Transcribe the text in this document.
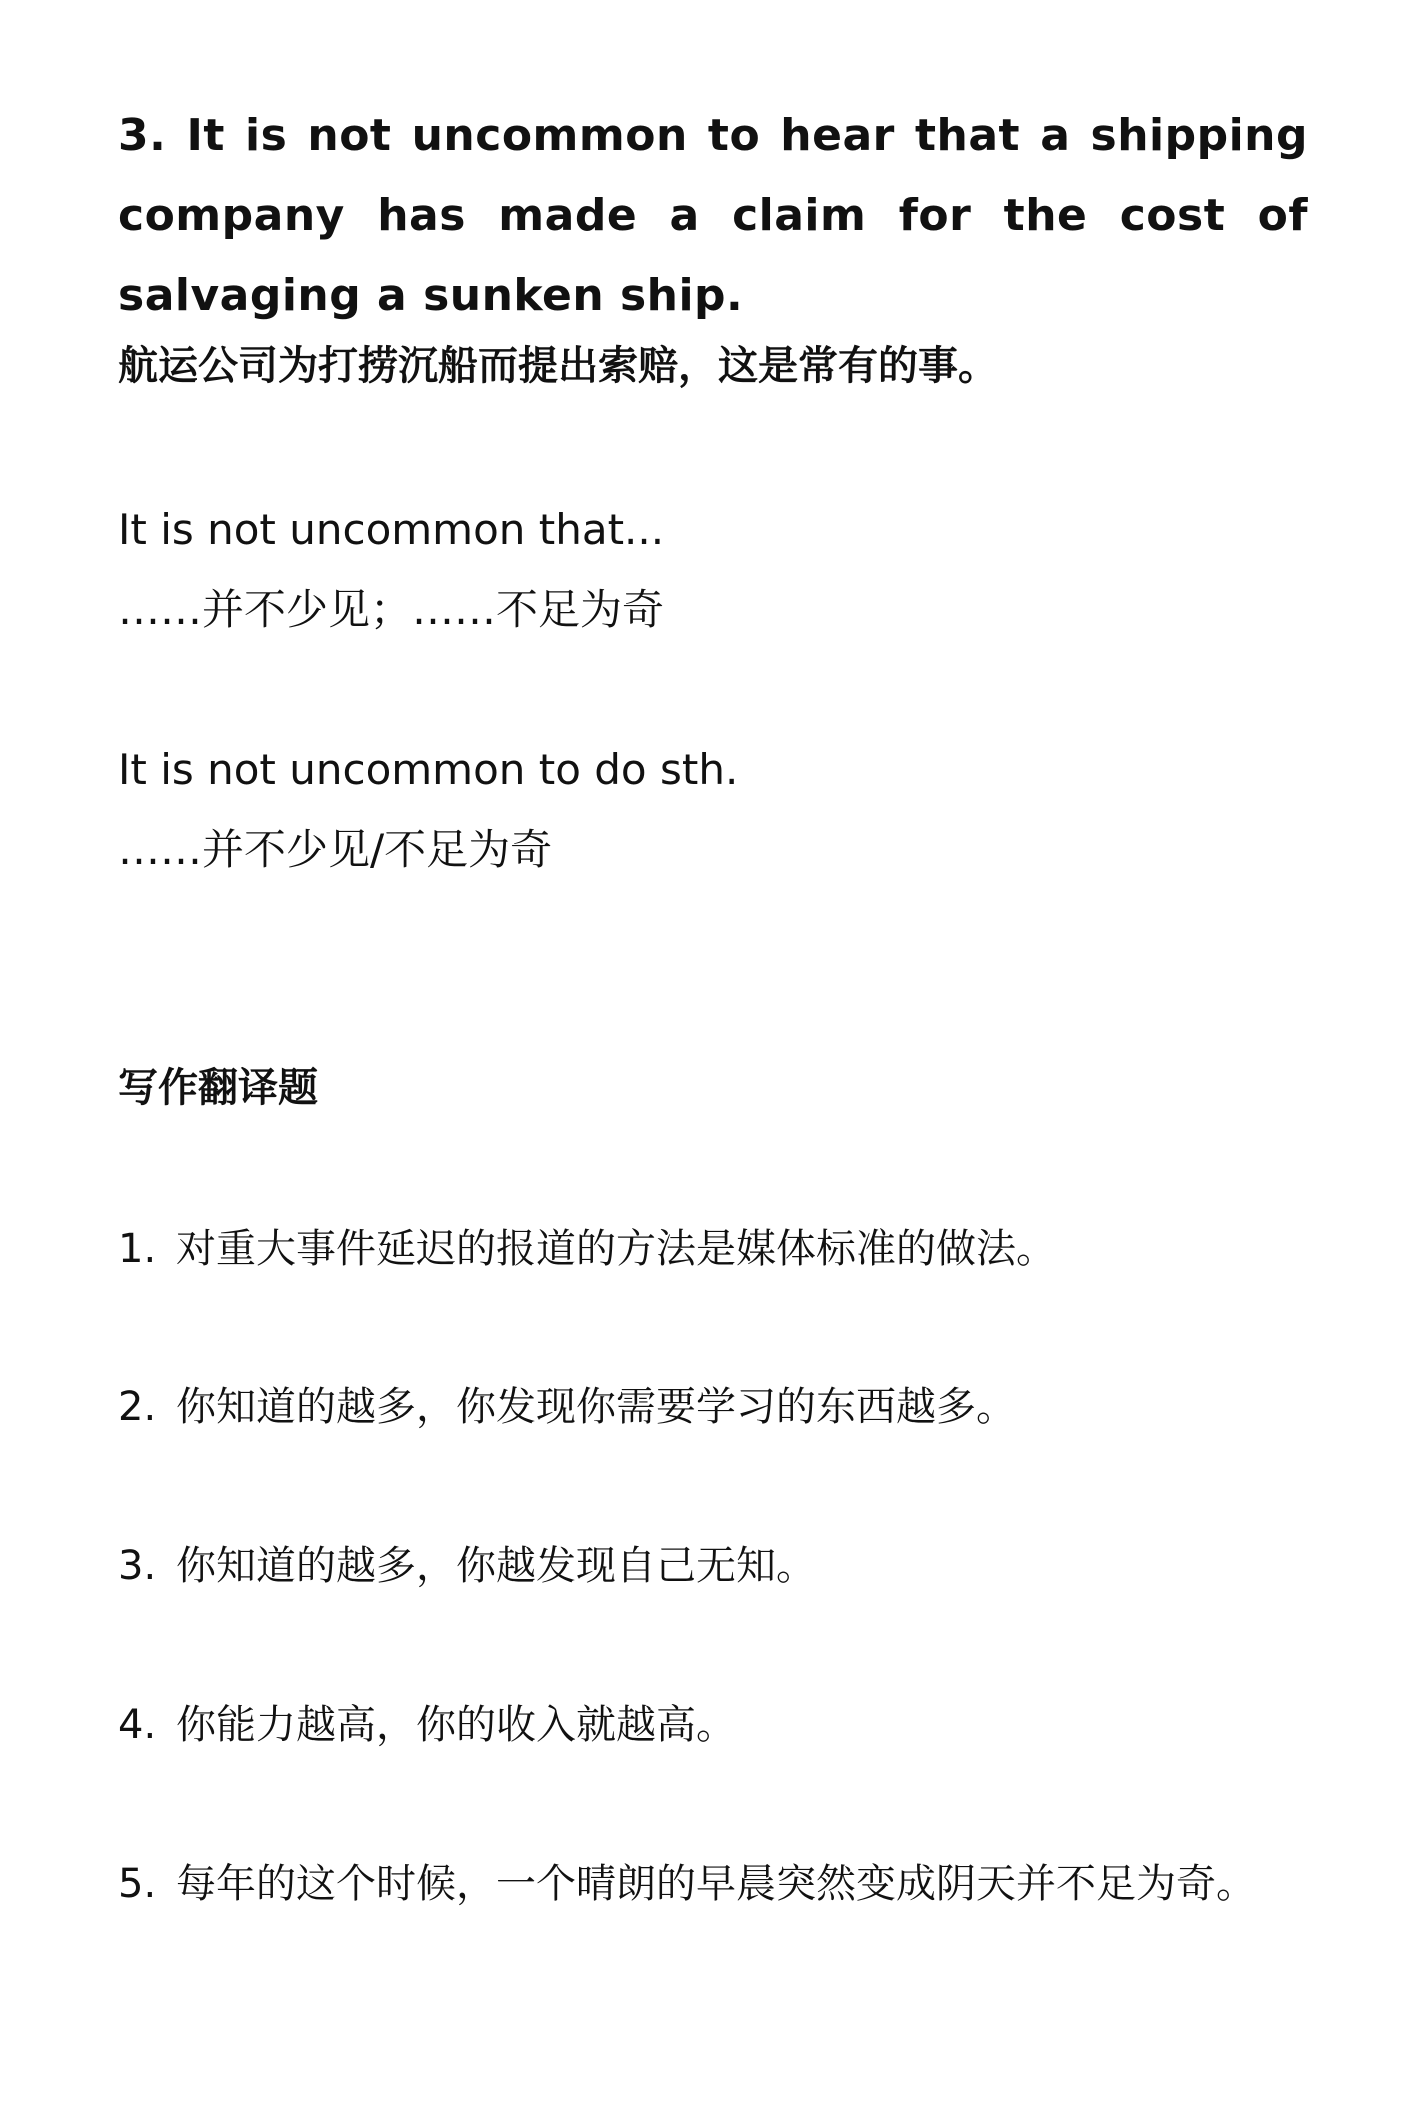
3. It is not uncommon to hear that a shipping company has made a claim for the cost of salvaging a sunken ship.

航运公司为打捞沉船而提出索赔，这是常有的事。

It is not uncommon that...

……并不少见；……不足为奇

It is not uncommon to do sth.

……并不少见/不足为奇

写作翻译题

1. 对重大事件延迟的报道的方法是媒体标准的做法。

2. 你知道的越多，你发现你需要学习的东西越多。

3. 你知道的越多，你越发现自己无知。

4. 你能力越高，你的收入就越高。

5. 每年的这个时候，一个晴朗的早晨突然变成阴天并不足为奇。
